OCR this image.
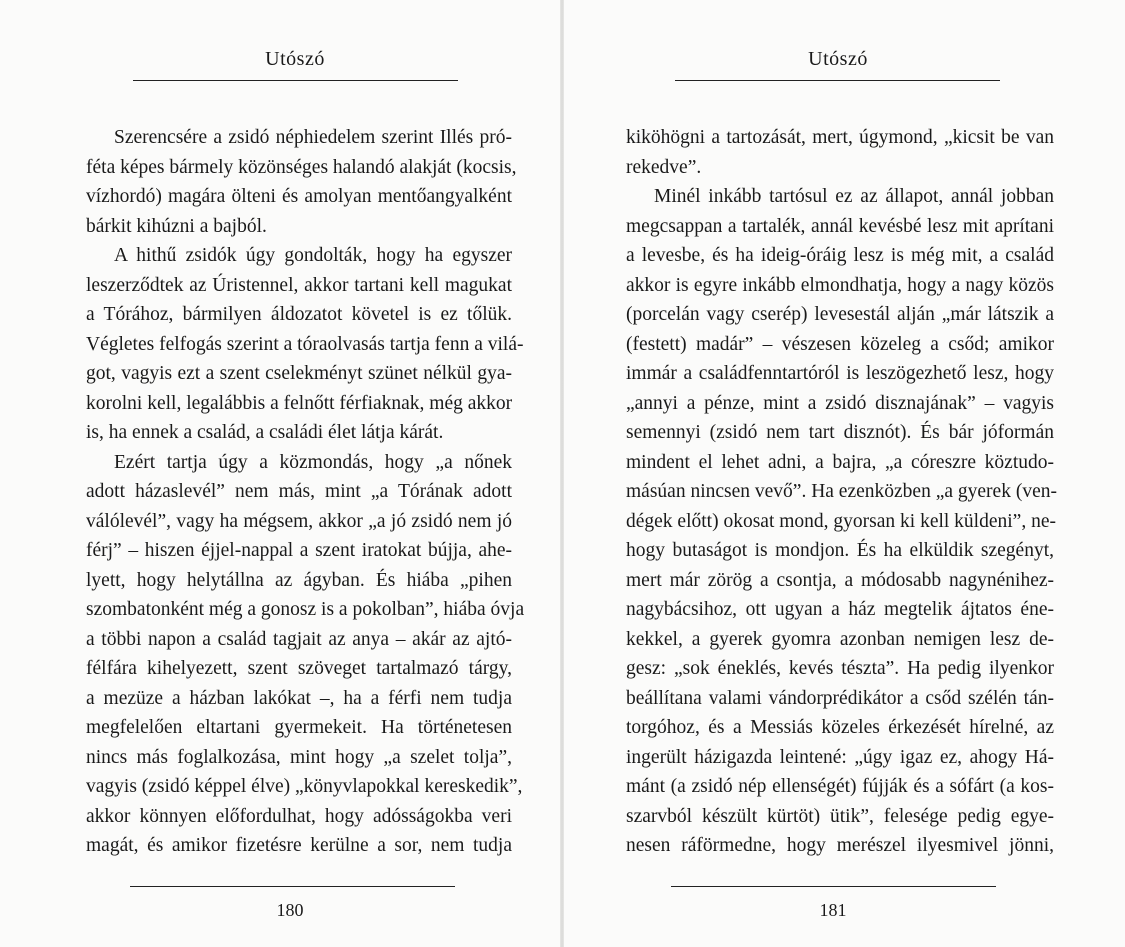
Utószó
Szerencsére a zsidó néphiedelem szerint Illés pró-
féta képes bármely közönséges halandó alakját (kocsis,
vízhordó) magára ölteni és amolyan mentőangyalként
bárkit kihúzni a bajból.
A hithű zsidók úgy gondolták, hogy ha egyszer
leszerződtek az Úristennel, akkor tartani kell magukat
a Tórához, bármilyen áldozatot követel is ez tőlük.
Végletes felfogás szerint a tóraolvasás tartja fenn a vilá-
got, vagyis ezt a szent cselekményt szünet nélkül gya-
korolni kell, legalábbis a felnőtt férfiaknak, még akkor
is, ha ennek a család, a családi élet látja kárát.
Ezért tartja úgy a közmondás, hogy „a nőnek
adott házaslevél” nem más, mint „a Tórának adott
válólevél”, vagy ha mégsem, akkor „a jó zsidó nem jó
férj” – hiszen éjjel-nappal a szent iratokat bújja, ahe-
lyett, hogy helytállna az ágyban. És hiába „pihen
szombatonként még a gonosz is a pokolban”, hiába óvja
a többi napon a család tagjait az anya – akár az ajtó-
félfára kihelyezett, szent szöveget tartalmazó tárgy,
a mezüze a házban lakókat –, ha a férfi nem tudja
megfelelően eltartani gyermekeit. Ha történetesen
nincs más foglalkozása, mint hogy „a szelet tolja”,
vagyis (zsidó képpel élve) „könyvlapokkal kereskedik”,
akkor könnyen előfordulhat, hogy adósságokba veri
magát, és amikor fizetésre kerülne a sor, nem tudja
180
Utószó
kiköhögni a tartozását, mert, úgymond, „kicsit be van
rekedve”.
Minél inkább tartósul ez az állapot, annál jobban
megcsappan a tartalék, annál kevésbé lesz mit aprítani
a levesbe, és ha ideig-óráig lesz is még mit, a család
akkor is egyre inkább elmondhatja, hogy a nagy közös
(porcelán vagy cserép) levesestál alján „már látszik a
(festett) madár” – vészesen közeleg a csőd; amikor
immár a családfenntartóról is leszögezhető lesz, hogy
„annyi a pénze, mint a zsidó disznajának” – vagyis
semennyi (zsidó nem tart disznót). És bár jóformán
mindent el lehet adni, a bajra, „a córeszre köztudo-
másúan nincsen vevő”. Ha ezenközben „a gyerek (ven-
dégek előtt) okosat mond, gyorsan ki kell küldeni”, ne-
hogy butaságot is mondjon. És ha elküldik szegényt,
mert már zörög a csontja, a módosabb nagynénihez-
nagybácsihoz, ott ugyan a ház megtelik ájtatos éne-
kekkel, a gyerek gyomra azonban nemigen lesz de-
gesz: „sok éneklés, kevés tészta”. Ha pedig ilyenkor
beállítana valami vándorprédikátor a csőd szélén tán-
torgóhoz, és a Messiás közeles érkezését hírelné, az
ingerült házigazda leintené: „úgy igaz ez, ahogy Há-
mánt (a zsidó nép ellenségét) fújják és a sófárt (a kos-
szarvból készült kürtöt) ütik”, felesége pedig egye-
nesen ráförmedne, hogy merészel ilyesmivel jönni,
181
